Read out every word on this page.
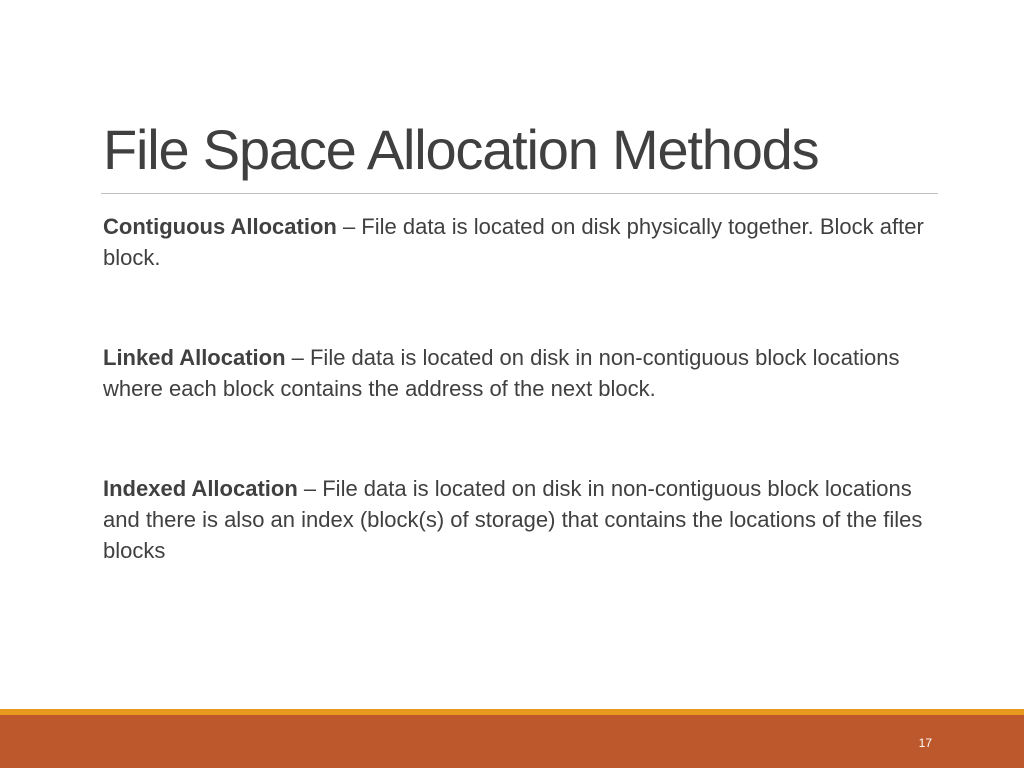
File Space Allocation Methods

Contiguous Allocation – File data is located on disk physically together. Block after block.

Linked Allocation – File data is located on disk in non-contiguous block locations where each block contains the address of the next block.

Indexed Allocation – File data is located on disk in non-contiguous block locations and there is also an index (block(s) of storage) that contains the locations of the files blocks

17
